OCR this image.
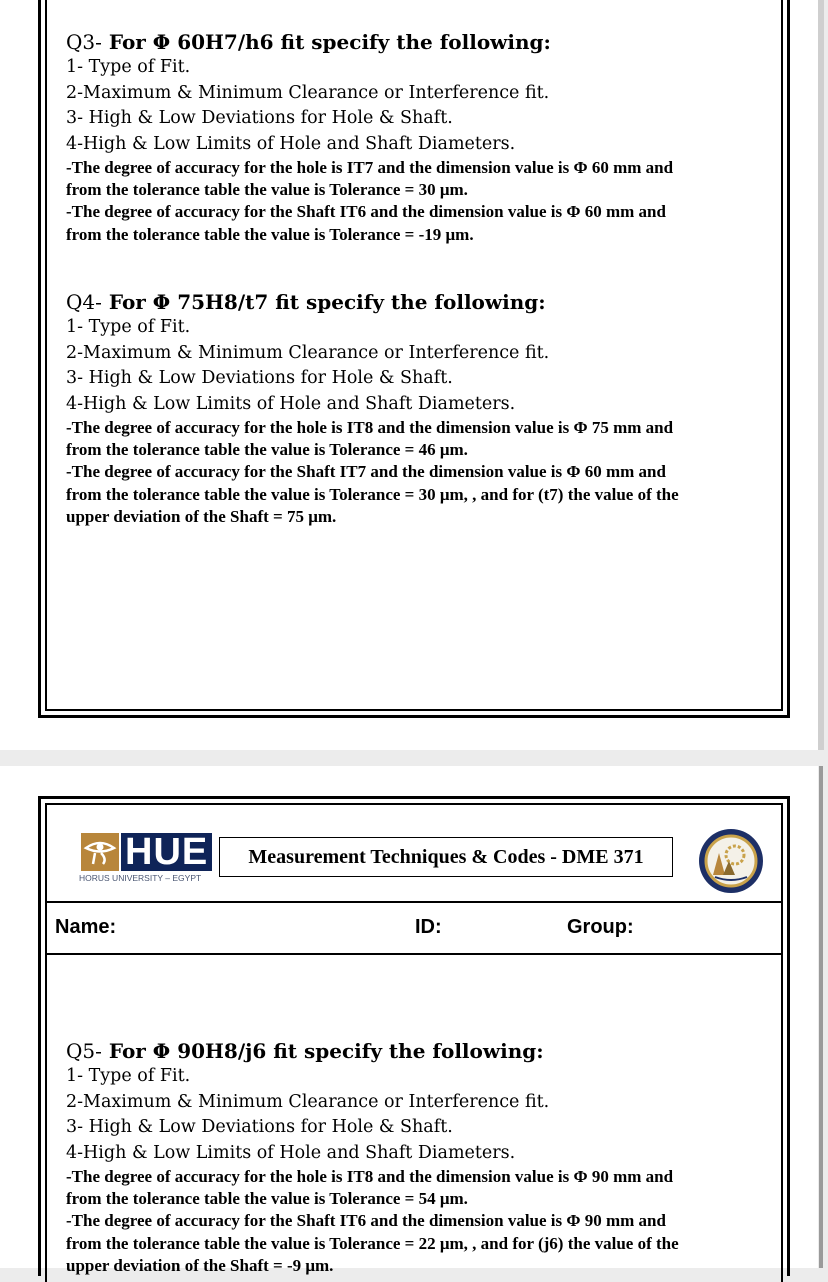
Q3- For Φ 60H7/h6 fit specify the following:
1- Type of Fit.
2-Maximum & Minimum Clearance or Interference fit.
3- High & Low Deviations for Hole & Shaft.
4-High & Low Limits of Hole and Shaft Diameters.
-The degree of accuracy for the hole is IT7 and the dimension value is Φ 60 mm and
from the tolerance table the value is Tolerance = 30 μm.
-The degree of accuracy for the Shaft IT6 and the dimension value is Φ 60 mm and
from the tolerance table the value is Tolerance = -19 μm.
Q4- For Φ 75H8/t7 fit specify the following:
1- Type of Fit.
2-Maximum & Minimum Clearance or Interference fit.
3- High & Low Deviations for Hole & Shaft.
4-High & Low Limits of Hole and Shaft Diameters.
-The degree of accuracy for the hole is IT8 and the dimension value is Φ 75 mm and
from the tolerance table the value is Tolerance = 46 μm.
-The degree of accuracy for the Shaft IT7 and the dimension value is Φ 60 mm and
from the tolerance table the value is Tolerance = 30 μm, , and for (t7) the value of the
upper deviation of the Shaft = 75 μm.
HUE
HORUS UNIVERSITY – EGYPT
Measurement Techniques & Codes - DME 371
Name:	ID:	Group:
Q5- For Φ 90H8/j6 fit specify the following:
1- Type of Fit.
2-Maximum & Minimum Clearance or Interference fit.
3- High & Low Deviations for Hole & Shaft.
4-High & Low Limits of Hole and Shaft Diameters.
-The degree of accuracy for the hole is IT8 and the dimension value is Φ 90 mm and
from the tolerance table the value is Tolerance = 54 μm.
-The degree of accuracy for the Shaft IT6 and the dimension value is Φ 90 mm and
from the tolerance table the value is Tolerance = 22 μm, , and for (j6) the value of the
upper deviation of the Shaft = -9 μm.
